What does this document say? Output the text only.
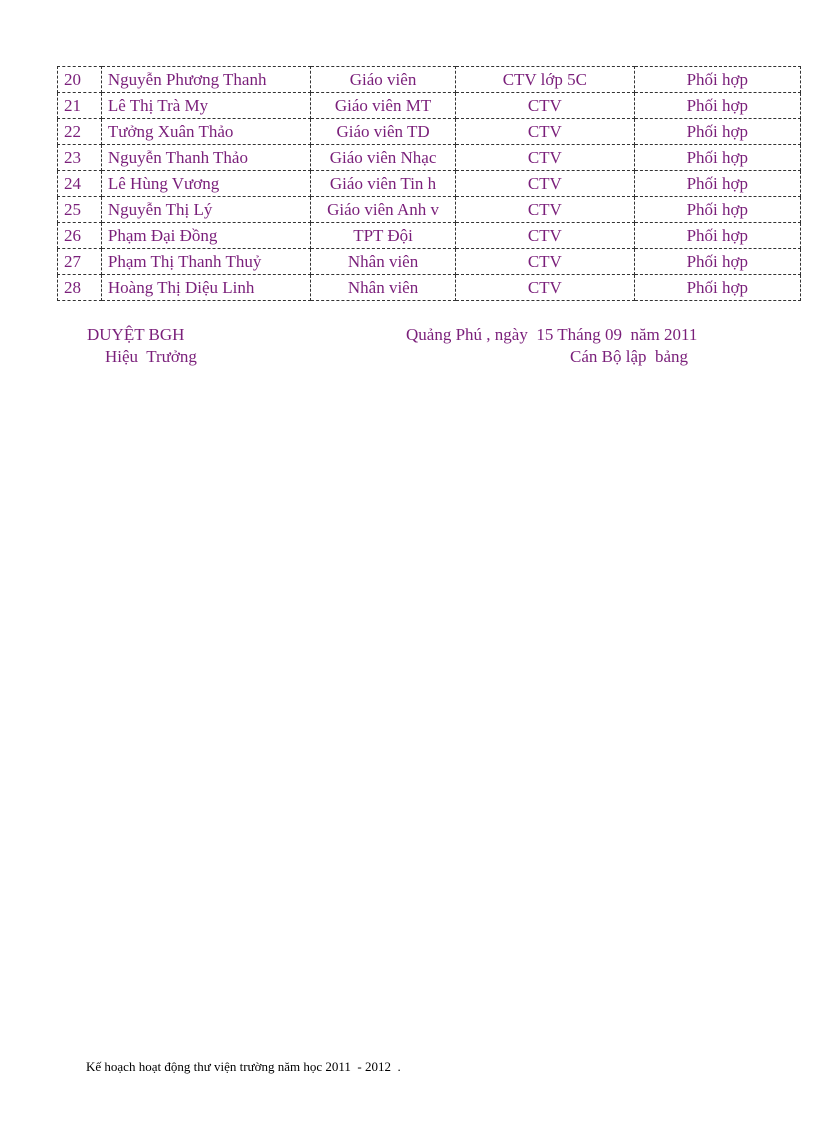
20	Nguyễn Phương Thanh	Giáo viên	CTV lớp 5C	Phối hợp
21	Lê Thị Trà My	Giáo viên MT	CTV	Phối hợp
22	Tưởng Xuân Thảo	Giáo viên TD	CTV	Phối hợp
23	Nguyễn Thanh Thảo	Giáo viên Nhạc	CTV	Phối hợp
24	Lê Hùng Vương	Giáo viên Tin h	CTV	Phối hợp
25	Nguyễn Thị Lý	Giáo viên Anh v	CTV	Phối hợp
26	Phạm Đại Đồng	TPT Đội	CTV	Phối hợp
27	Phạm Thị Thanh Thuỷ	Nhân viên	CTV	Phối hợp
28	Hoàng Thị Diệu Linh	Nhân viên	CTV	Phối hợp
DUYỆT BGH
Hiệu  Trưởng
Quảng Phú , ngày  15 Tháng 09  năm 2011
Cán Bộ lập  bảng
Kế hoạch hoạt động thư viện trường năm học 2011  - 2012  .
